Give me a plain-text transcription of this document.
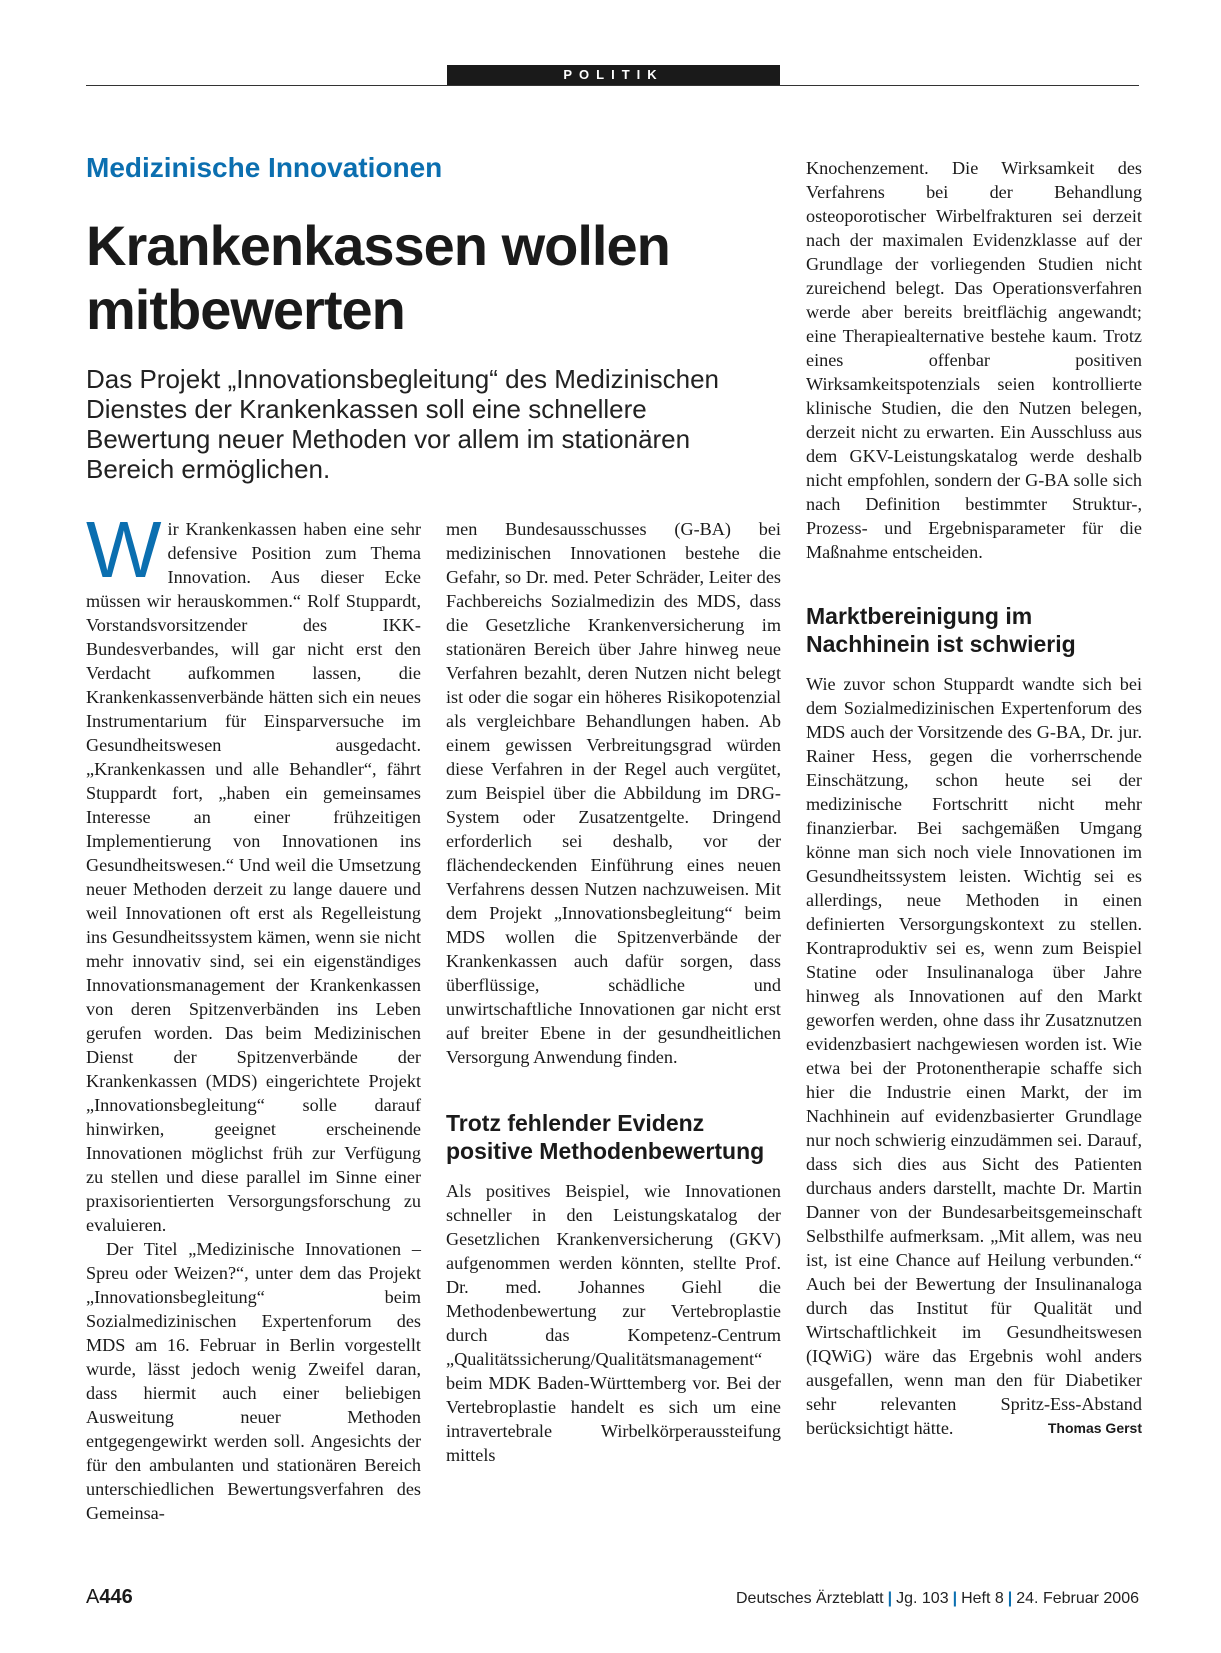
POLITIK
Medizinische Innovationen
Krankenkassen wollen mitbewerten
Das Projekt „Innovationsbegleitung“ des Medizinischen Dienstes der Krankenkassen soll eine schnellere Bewertung neuer Methoden vor allem im stationären Bereich ermöglichen.

Wir Krankenkassen haben eine sehr defensive Position zum Thema Innovation. Aus dieser Ecke müssen wir herauskommen.“ Rolf Stuppardt, Vorstandsvorsitzender des IKK-Bundesverbandes, will gar nicht erst den Verdacht aufkommen lassen, die Krankenkassenverbände hätten sich ein neues Instrumentarium für Einsparversuche im Gesundheitswesen ausgedacht. „Krankenkassen und alle Behandler“, fährt Stuppardt fort, „haben ein gemeinsames Interesse an einer frühzeitigen Implementierung von Innovationen ins Gesundheitswesen.“ Und weil die Umsetzung neuer Methoden derzeit zu lange dauere und weil Innovationen oft erst als Regelleistung ins Gesundheitssystem kämen, wenn sie nicht mehr innovativ sind, sei ein eigenständiges Innovationsmanagement der Krankenkassen von deren Spitzenverbänden ins Leben gerufen worden. Das beim Medizinischen Dienst der Spitzenverbände der Krankenkassen (MDS) eingerichtete Projekt „Innovationsbegleitung“ solle darauf hinwirken, geeignet erscheinende Innovationen möglichst früh zur Verfügung zu stellen und diese parallel im Sinne einer praxisorientierten Versorgungsforschung zu evaluieren.

Der Titel „Medizinische Innovationen – Spreu oder Weizen?“, unter dem das Projekt „Innovationsbegleitung“ beim Sozialmedizinischen Expertenforum des MDS am 16. Februar in Berlin vorgestellt wurde, lässt jedoch wenig Zweifel daran, dass hiermit auch einer beliebigen Ausweitung neuer Methoden entgegengewirkt werden soll. Angesichts der für den ambulanten und stationären Bereich unterschiedlichen Bewertungsverfahren des Gemeinsa-

men Bundesausschusses (G-BA) bei medizinischen Innovationen bestehe die Gefahr, so Dr. med. Peter Schräder, Leiter des Fachbereichs Sozialmedizin des MDS, dass die Gesetzliche Krankenversicherung im stationären Bereich über Jahre hinweg neue Verfahren bezahlt, deren Nutzen nicht belegt ist oder die sogar ein höheres Risikopotenzial als vergleichbare Behandlungen haben. Ab einem gewissen Verbreitungsgrad würden diese Verfahren in der Regel auch vergütet, zum Beispiel über die Abbildung im DRG-System oder Zusatzentgelte. Dringend erforderlich sei deshalb, vor der flächendeckenden Einführung eines neuen Verfahrens dessen Nutzen nachzuweisen. Mit dem Projekt „Innovationsbegleitung“ beim MDS wollen die Spitzenverbände der Krankenkassen auch dafür sorgen, dass überflüssige, schädliche und unwirtschaftliche Innovationen gar nicht erst auf breiter Ebene in der gesundheitlichen Versorgung Anwendung finden.

Trotz fehlender Evidenz positive Methodenbewertung

Als positives Beispiel, wie Innovationen schneller in den Leistungskatalog der Gesetzlichen Krankenversicherung (GKV) aufgenommen werden könnten, stellte Prof. Dr. med. Johannes Giehl die Methodenbewertung zur Vertebroplastie durch das Kompetenz-Centrum „Qualitätssicherung/Qualitätsmanagement“ beim MDK Baden-Württemberg vor. Bei der Vertebroplastie handelt es sich um eine intravertebrale Wirbelkörperaussteifung mittels

Knochenzement. Die Wirksamkeit des Verfahrens bei der Behandlung osteoporotischer Wirbelfrakturen sei derzeit nach der maximalen Evidenzklasse auf der Grundlage der vorliegenden Studien nicht zureichend belegt. Das Operationsverfahren werde aber bereits breitflächig angewandt; eine Therapiealternative bestehe kaum. Trotz eines offenbar positiven Wirksamkeitspotenzials seien kontrollierte klinische Studien, die den Nutzen belegen, derzeit nicht zu erwarten. Ein Ausschluss aus dem GKV-Leistungskatalog werde deshalb nicht empfohlen, sondern der G-BA solle sich nach Definition bestimmter Struktur-, Prozess- und Ergebnisparameter für die Maßnahme entscheiden.

Marktbereinigung im Nachhinein ist schwierig

Wie zuvor schon Stuppardt wandte sich bei dem Sozialmedizinischen Expertenforum des MDS auch der Vorsitzende des G-BA, Dr. jur. Rainer Hess, gegen die vorherrschende Einschätzung, schon heute sei der medizinische Fortschritt nicht mehr finanzierbar. Bei sachgemäßen Umgang könne man sich noch viele Innovationen im Gesundheitssystem leisten. Wichtig sei es allerdings, neue Methoden in einen definierten Versorgungskontext zu stellen. Kontraproduktiv sei es, wenn zum Beispiel Statine oder Insulinanaloga über Jahre hinweg als Innovationen auf den Markt geworfen werden, ohne dass ihr Zusatznutzen evidenzbasiert nachgewiesen worden ist. Wie etwa bei der Protonentherapie schaffe sich hier die Industrie einen Markt, der im Nachhinein auf evidenzbasierter Grundlage nur noch schwierig einzudämmen sei. Darauf, dass sich dies aus Sicht des Patienten durchaus anders darstellt, machte Dr. Martin Danner von der Bundesarbeitsgemeinschaft Selbsthilfe aufmerksam. „Mit allem, was neu ist, ist eine Chance auf Heilung verbunden.“ Auch bei der Bewertung der Insulinanaloga durch das Institut für Qualität und Wirtschaftlichkeit im Gesundheitswesen (IQWiG) wäre das Ergebnis wohl anders ausgefallen, wenn man den für Diabetiker sehr relevanten Spritz-Ess-Abstand berücksichtigt hätte.	Thomas Gerst

A446	Deutsches Ärzteblatt | Jg. 103 | Heft 8 | 24. Februar 2006
